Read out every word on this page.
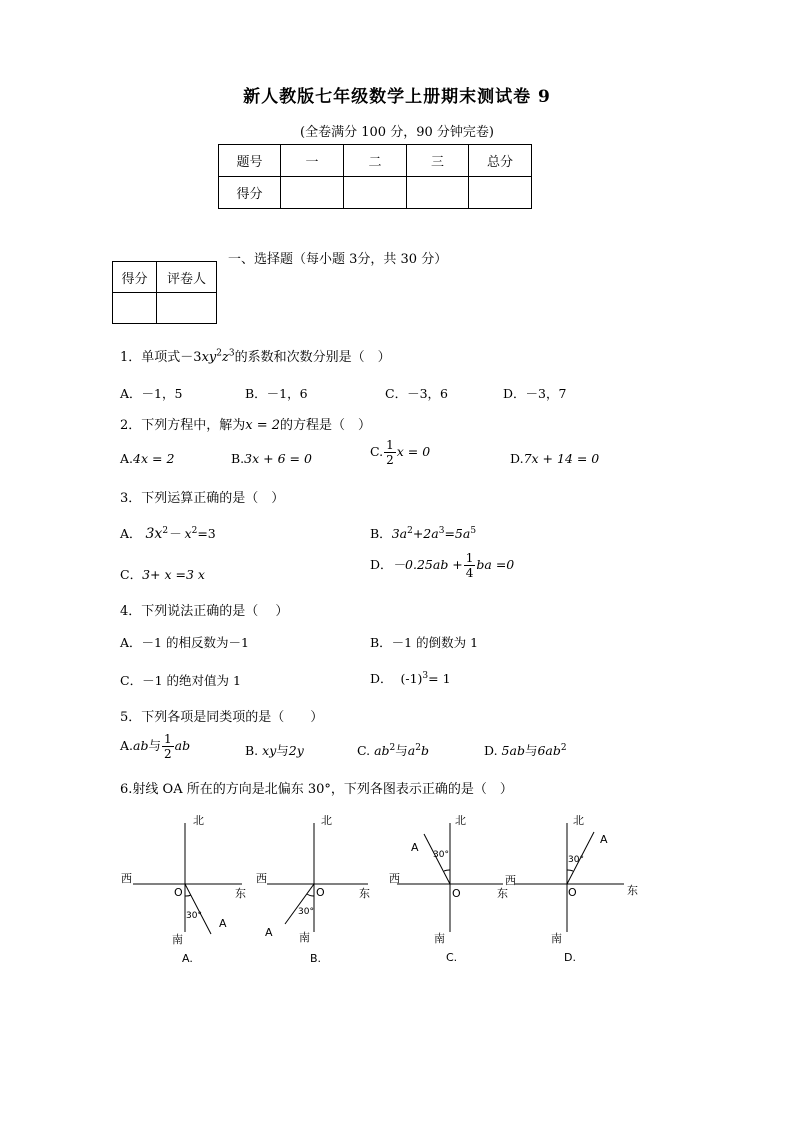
新人教版七年级数学上册期末测试卷 9
(全卷满分 100 分，90 分钟完卷)
题号	一	二	三	总分
得分				
得分	评卷人

一、选择题（每小题 3分，共 30 分）
1．单项式$-3xy^2z^3$的系数和次数分别是（　）
A．－1，5	B．－1，6	C．－3，6	D．－3，7
2．下列方程中，解为x = 2的方程是（　）
A.4x = 2	B.3x + 6 = 0	C. $\frac{1}{2}$ x = 0	D.7x + 14 = 0
3．下列运算正确的是（　）
A． $3x^2- x^2=3$	B．$3a^2+2a^3=5a^5$
C．3+ x =3 x
D．$-0.25ab + \frac{1}{4}$ ba =0
4．下列说法正确的是（　 ）
A．－1 的相反数为－1	B．－1 的倒数为 1
C．－1 的绝对值为 1	D． $(-1)^3= 1$
5．下列各项是同类项的是（　　）
A.ab与 $\frac{1}{2}$ ab	B. xy与2y	C. $ab^2$与$a^2b$	D. 5ab与$6ab^2$
6.射线 OA 所在的方向是北偏东 30°，下列各图表示正确的是（　）
北
西
东
O
南
A
30°
A.
北
西
东
O
南
A
30°
B.
北
西
东
O
南
A
30°
C.
北
西
东
O
南
A
30°
D.
